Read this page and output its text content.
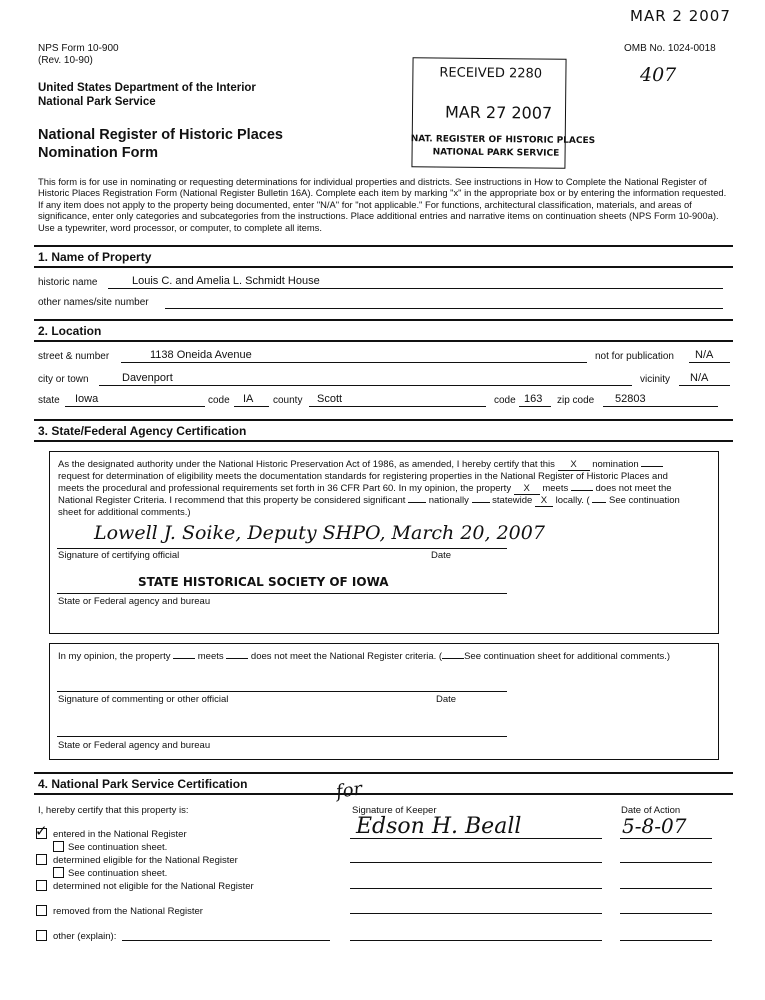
MAR 2 2007
407
NPS Form 10-900
(Rev. 10-90)
OMB No. 1024-0018
United States Department of the Interior
National Park Service
National Register of Historic Places
Nomination Form
RECEIVED 2280
MAR 27 2007
NAT. REGISTER OF HISTORIC PLACES
NATIONAL PARK SERVICE
This form is for use in nominating or requesting determinations for individual properties and districts. See instructions in How to Complete the National Register of Historic Places Registration Form (National Register Bulletin 16A). Complete each item by marking "x" in the appropriate box or by entering the information requested. If any item does not apply to the property being documented, enter "N/A" for "not applicable." For functions, architectural classification, materials, and areas of significance, enter only categories and subcategories from the instructions. Place additional entries and narrative items on continuation sheets (NPS Form 10-900a). Use a typewriter, word processor, or computer, to complete all items.
1. Name of Property
historic name	Louis C. and Amelia L. Schmidt House
other names/site number
2. Location
street & number	1138 Oneida Avenue	not for publication N/A
city or town	Davenport	vicinity N/A
state Iowa	code IA county Scott	code 163 zip code 52803
3. State/Federal Agency Certification
As the designated authority under the National Historic Preservation Act of 1986, as amended, I hereby certify that this X nomination
request for determination of eligibility meets the documentation standards for registering properties in the National Register of Historic Places and
meets the procedural and professional requirements set forth in 36 CFR Part 60. In my opinion, the property X meets	does not meet the
National Register Criteria. I recommend that this property be considered significant nationally statewide X locally. ( See continuation
sheet for additional comments.)
Lowell J. Soike, Deputy SHPO, March 20, 2007
Signature of certifying official	Date
STATE HISTORICAL SOCIETY OF IOWA
State or Federal agency and bureau
In my opinion, the property	meets	does not meet the National Register criteria. ( See continuation sheet for additional comments.)
Signature of commenting or other official	Date
State or Federal agency and bureau
4. National Park Service Certification
I, hereby certify that this property is:
for
Signature of Keeper	Date of Action
Edson H. Beall	5-8-07
✓ entered in the National Register
See continuation sheet.
determined eligible for the National Register
See continuation sheet.
determined not eligible for the National Register
removed from the National Register
other (explain):
